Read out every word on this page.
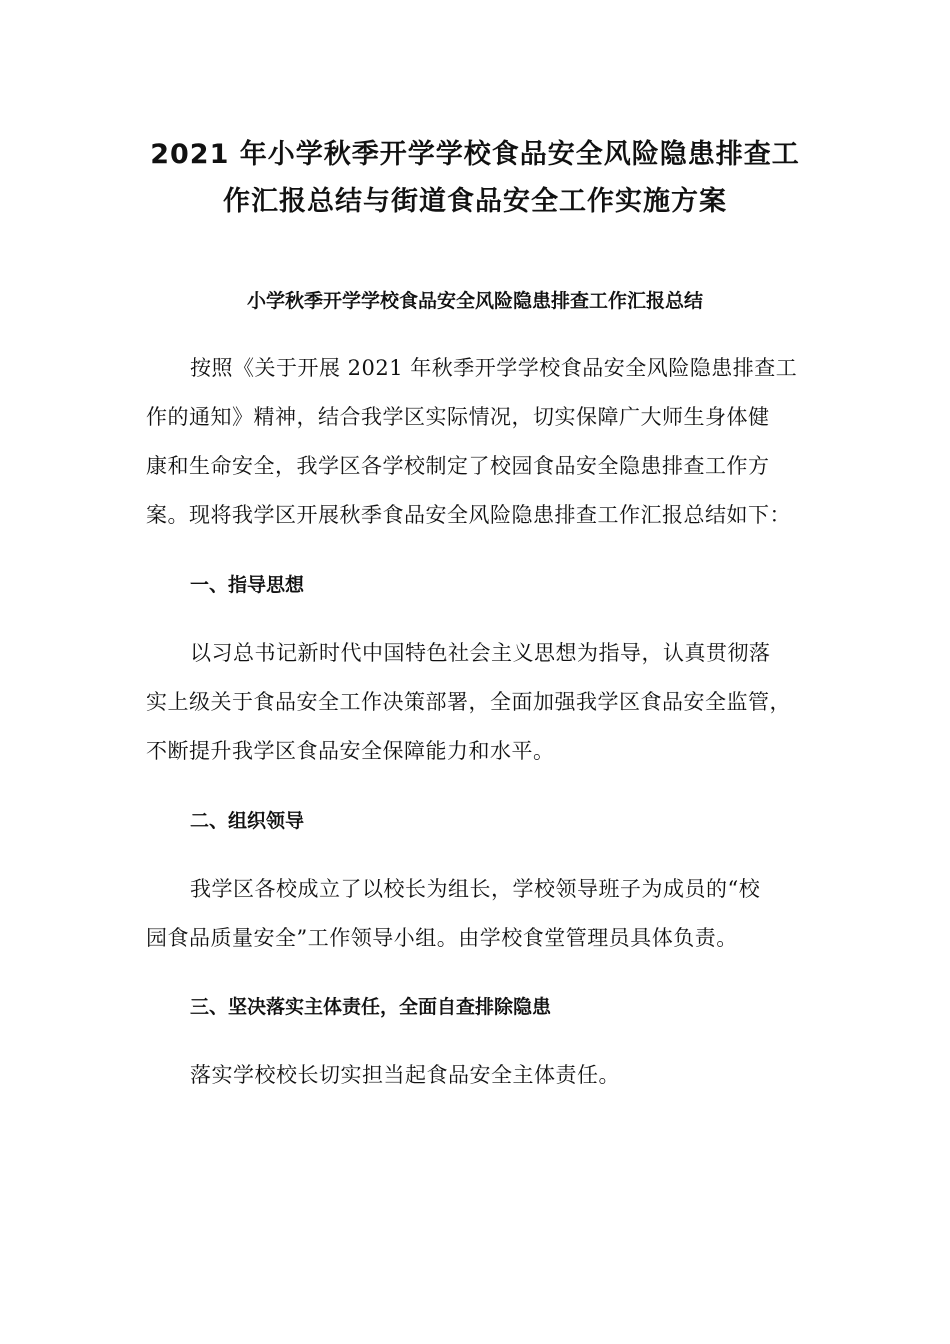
2021 年小学秋季开学学校食品安全风险隐患排查工
作汇报总结与街道食品安全工作实施方案
小学秋季开学学校食品安全风险隐患排查工作汇报总结
按照《关于开展 2021 年秋季开学学校食品安全风险隐患排查工
作的通知》精神，结合我学区实际情况，切实保障广大师生身体健
康和生命安全，我学区各学校制定了校园食品安全隐患排查工作方
案。现将我学区开展秋季食品安全风险隐患排查工作汇报总结如下：
一、指导思想
以习总书记新时代中国特色社会主义思想为指导，认真贯彻落
实上级关于食品安全工作决策部署，全面加强我学区食品安全监管，
不断提升我学区食品安全保障能力和水平。
二、组织领导
我学区各校成立了以校长为组长，学校领导班子为成员的“校
园食品质量安全”工作领导小组。由学校食堂管理员具体负责。
三、坚决落实主体责任，全面自查排除隐患
落实学校校长切实担当起食品安全主体责任。
